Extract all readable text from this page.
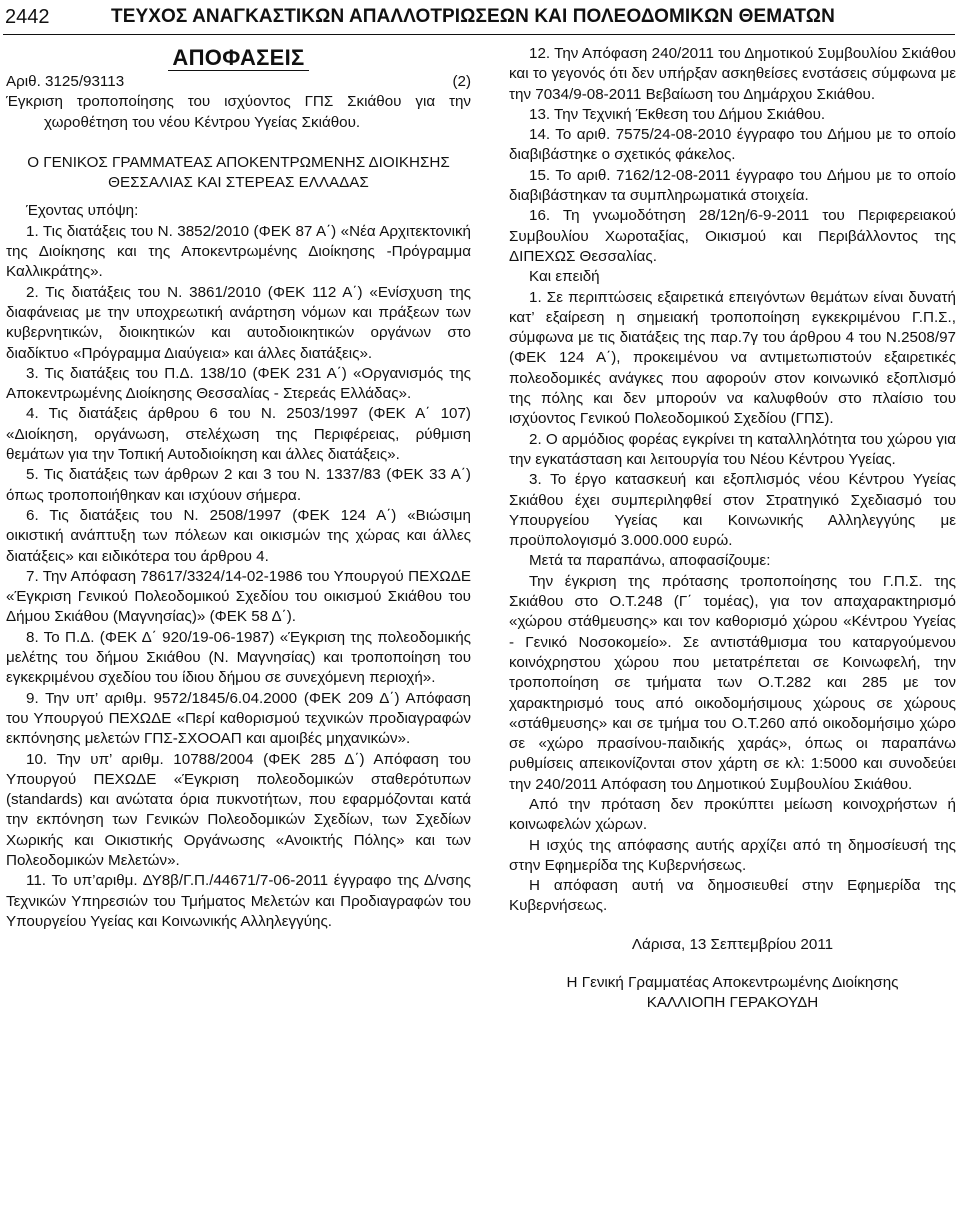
2442	ΤΕΥΧΟΣ ΑΝΑΓΚΑΣΤΙΚΩΝ ΑΠΑΛΛΟΤΡΙΩΣΕΩΝ ΚΑΙ ΠΟΛΕΟΔΟΜΙΚΩΝ ΘΕΜΑΤΩΝ

ΑΠΟΦΑΣΕΙΣ

Αριθ. 3125/93113	(2)

Έγκριση τροποποίησης του ισχύοντος ΓΠΣ Σκιάθου για την χωροθέτηση του νέου Κέντρου Υγείας Σκιάθου.

Ο ΓΕΝΙΚΟΣ ΓΡΑΜΜΑΤΕΑΣ ΑΠΟΚΕΝΤΡΩΜΕΝΗΣ ΔΙΟΙΚΗΣΗΣ ΘΕΣΣΑΛΙΑΣ ΚΑΙ ΣΤΕΡΕΑΣ ΕΛΛΑΔΑΣ

Έχοντας υπόψη:

1. Τις διατάξεις του Ν. 3852/2010 (ΦΕΚ 87 Α΄) «Νέα Αρχιτεκτονική της Διοίκησης και της Αποκεντρωμένης Διοίκησης -Πρόγραμμα Καλλικράτης».

2. Τις διατάξεις του Ν. 3861/2010 (ΦΕΚ 112 Α΄) «Ενίσχυση της διαφάνειας με την υποχρεωτική ανάρτηση νόμων και πράξεων των κυβερνητικών, διοικητικών και αυτοδιοικητικών οργάνων στο διαδίκτυο «Πρόγραμμα Διαύγεια» και άλλες διατάξεις».

3. Τις διατάξεις του Π.Δ. 138/10 (ΦΕΚ 231 Α΄) «Οργανισμός της Αποκεντρωμένης Διοίκησης Θεσσαλίας - Στερεάς Ελλάδας».

4. Τις διατάξεις άρθρου 6 του Ν. 2503/1997 (ΦΕΚ Α΄ 107) «Διοίκηση, οργάνωση, στελέχωση της Περιφέρειας, ρύθμιση θεμάτων για την Τοπική Αυτοδιοίκηση και άλλες διατάξεις».

5. Τις διατάξεις των άρθρων 2 και 3 του Ν. 1337/83 (ΦΕΚ 33 Α΄) όπως τροποποιήθηκαν και ισχύουν σήμερα.

6. Τις διατάξεις του Ν. 2508/1997 (ΦΕΚ 124 Α΄) «Βιώσιμη οικιστική ανάπτυξη των πόλεων και οικισμών της χώρας και άλλες διατάξεις» και ειδικότερα του άρθρου 4.

7. Την Απόφαση 78617/3324/14-02-1986 του Υπουργού ΠΕΧΩΔΕ «Έγκριση Γενικού Πολεοδομικού Σχεδίου του οικισμού Σκιάθου του Δήμου Σκιάθου (Μαγνησίας)» (ΦΕΚ 58 Δ΄).

8. Το Π.Δ. (ΦΕΚ Δ΄ 920/19-06-1987) «Έγκριση της πολεοδομικής μελέτης του δήμου Σκιάθου (Ν. Μαγνησίας) και τροποποίηση του εγκεκριμένου σχεδίου του ίδιου δήμου σε συνεχόμενη περιοχή».

9. Την υπ’ αριθμ. 9572/1845/6.04.2000 (ΦΕΚ 209 Δ΄) Απόφαση του Υπουργού ΠΕΧΩΔΕ «Περί καθορισμού τεχνικών προδιαγραφών εκπόνησης μελετών ΓΠΣ-ΣΧΟΟΑΠ και αμοιβές μηχανικών».

10. Την υπ’ αριθμ. 10788/2004 (ΦΕΚ 285 Δ΄) Απόφαση του Υπουργού ΠΕΧΩΔΕ «Έγκριση πολεοδομικών σταθερότυπων (standards) και ανώτατα όρια πυκνοτήτων, που εφαρμόζονται κατά την εκπόνηση των Γενικών Πολεοδομικών Σχεδίων, των Σχεδίων Χωρικής και Οικιστικής Οργάνωσης «Ανοικτής Πόλης» και των Πολεοδομικών Μελετών».

11. Το υπ’αριθμ. ΔΥ8β/Γ.Π./44671/7-06-2011 έγγραφο της Δ/νσης Τεχνικών Υπηρεσιών του Τμήματος Μελετών και Προδιαγραφών του Υπουργείου Υγείας και Κοινωνικής Αλληλεγγύης.

12. Την Απόφαση 240/2011 του Δημοτικού Συμβουλίου Σκιάθου και το γεγονός ότι δεν υπήρξαν ασκηθείσες ενστάσεις σύμφωνα με την 7034/9-08-2011 Βεβαίωση του Δημάρχου Σκιάθου.

13. Την Τεχνική Έκθεση του Δήμου Σκιάθου.

14. Το αριθ. 7575/24-08-2010 έγγραφο του Δήμου με το οποίο διαβιβάστηκε ο σχετικός φάκελος.

15. Το αριθ. 7162/12-08-2011 έγγραφο του Δήμου με το οποίο διαβιβάστηκαν τα συμπληρωματικά στοιχεία.

16. Τη γνωμοδότηση 28/12η/6-9-2011 του Περιφερειακού Συμβουλίου Χωροταξίας, Οικισμού και Περιβάλλοντος της ΔΙΠΕΧΩΣ Θεσσαλίας.

Και επειδή

1. Σε περιπτώσεις εξαιρετικά επειγόντων θεμάτων είναι δυνατή κατ’ εξαίρεση η σημειακή τροποποίηση εγκεκριμένου Γ.Π.Σ., σύμφωνα με τις διατάξεις της παρ.7γ του άρθρου 4 του Ν.2508/97 (ΦΕΚ 124 Α΄), προκειμένου να αντιμετωπιστούν εξαιρετικές πολεοδομικές ανάγκες που αφορούν στον κοινωνικό εξοπλισμό της πόλης και δεν μπορούν να καλυφθούν στο πλαίσιο του ισχύοντος Γενικού Πολεοδομικού Σχεδίου (ΓΠΣ).

2. Ο αρμόδιος φορέας εγκρίνει τη καταλληλότητα του χώρου για την εγκατάσταση και λειτουργία του Νέου Κέντρου Υγείας.

3. Το έργο κατασκευή και εξοπλισμός νέου Κέντρου Υγείας Σκιάθου έχει συμπεριληφθεί στον Στρατηγικό Σχεδιασμό του Υπουργείου Υγείας και Κοινωνικής Αλληλεγγύης με προϋπολογισμό 3.000.000 ευρώ.

Μετά τα παραπάνω, αποφασίζουμε:

Την έγκριση της πρότασης τροποποίησης του Γ.Π.Σ. της Σκιάθου στο Ο.Τ.248 (Γ΄ τομέας), για τον απαχαρακτηρισμό «χώρου στάθμευσης» και τον καθορισμό χώρου «Κέντρου Υγείας - Γενικό Νοσοκομείο». Σε αντιστάθμισμα του καταργούμενου κοινόχρηστου χώρου που μετατρέπεται σε Κοινωφελή, την τροποποίηση σε τμήματα των Ο.Τ.282 και 285 με τον χαρακτηρισμό τους από οικοδομήσιμους χώρους σε χώρους «στάθμευσης» και σε τμήμα του Ο.Τ.260 από οικοδομήσιμο χώρο σε «χώρο πρασίνου-παιδικής χαράς», όπως οι παραπάνω ρυθμίσεις απεικονίζονται στον χάρτη σε κλ: 1:5000 και συνοδεύει την 240/2011 Απόφαση του Δημοτικού Συμβουλίου Σκιάθου.

Από την πρόταση δεν προκύπτει μείωση κοινοχρήστων ή κοινωφελών χώρων.

Η ισχύς της απόφασης αυτής αρχίζει από τη δημοσίευσή της στην Εφημερίδα της Κυβερνήσεως.

Η απόφαση αυτή να δημοσιευθεί στην Εφημερίδα της Κυβερνήσεως.

Λάρισα, 13 Σεπτεμβρίου 2011

Η Γενική Γραμματέας Αποκεντρωμένης Διοίκησης

ΚΑΛΛΙΟΠΗ ΓΕΡΑΚΟΥΔΗ
